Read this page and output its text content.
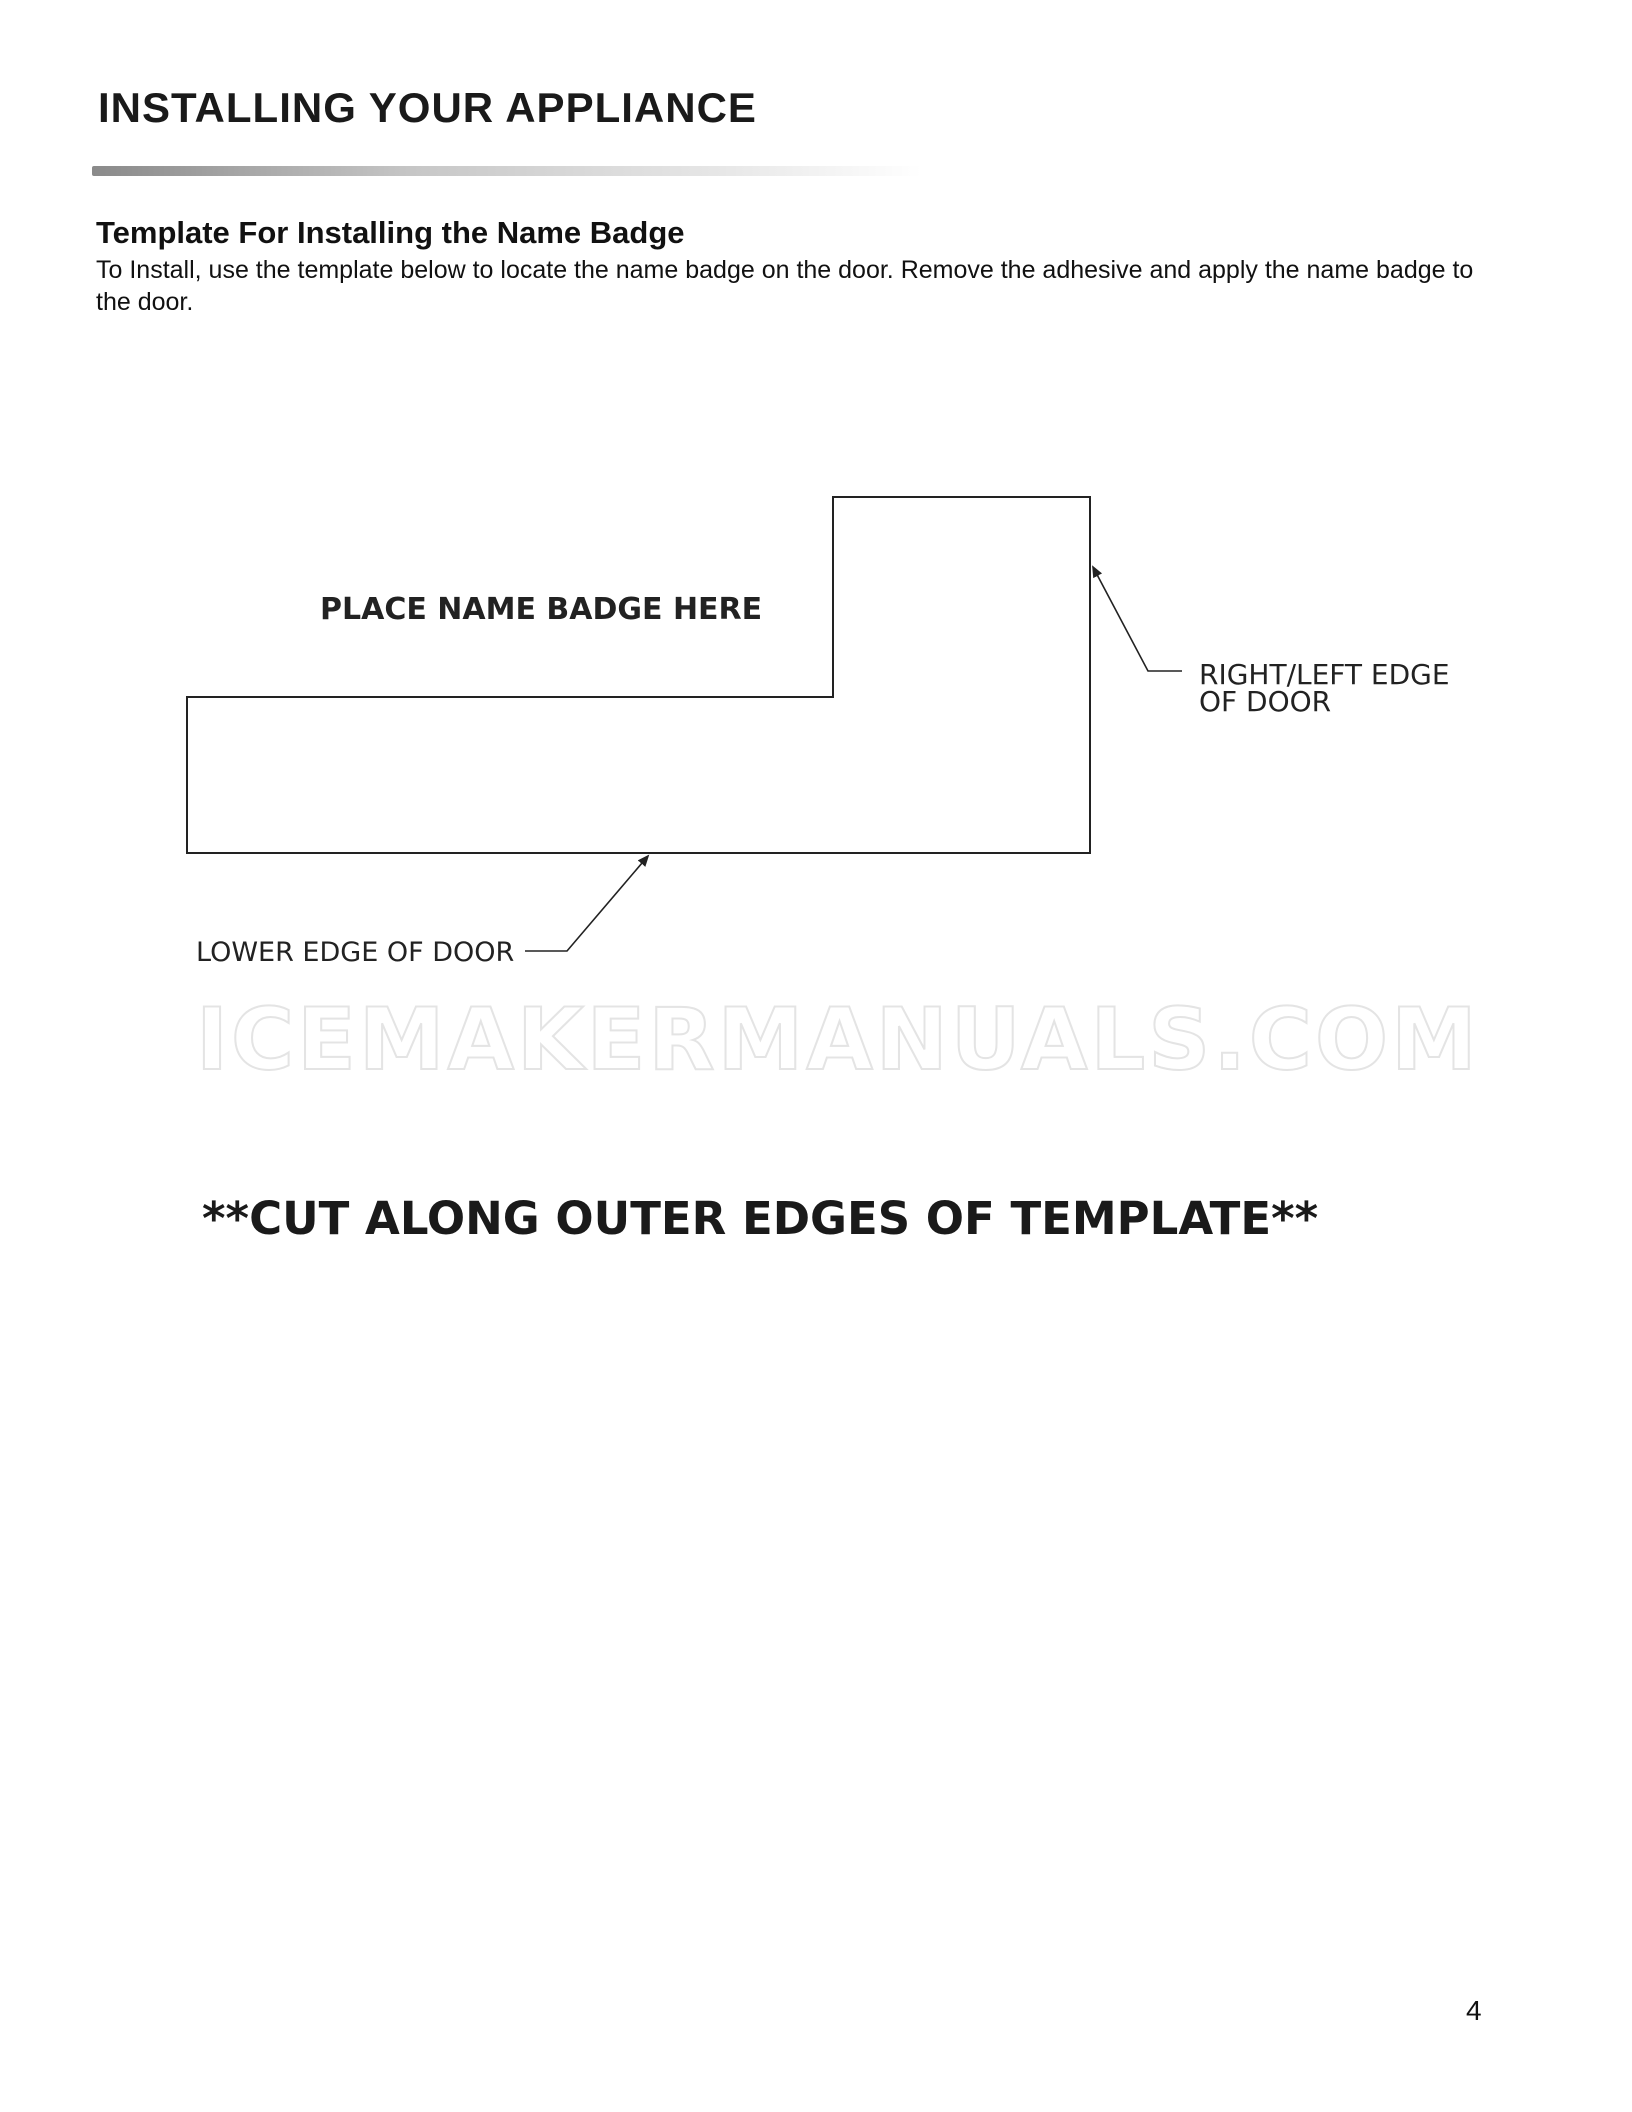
INSTALLING YOUR APPLIANCE
Template For Installing the Name Badge

To Install, use the template below to locate the name badge on the door. Remove the adhesive and apply the name badge to the door.

PLACE NAME BADGE HERE
RIGHT/LEFT EDGE
OF DOOR
LOWER EDGE OF DOOR

ICEMAKERMANUALS.COM

**CUT ALONG OUTER EDGES OF TEMPLATE**

4
